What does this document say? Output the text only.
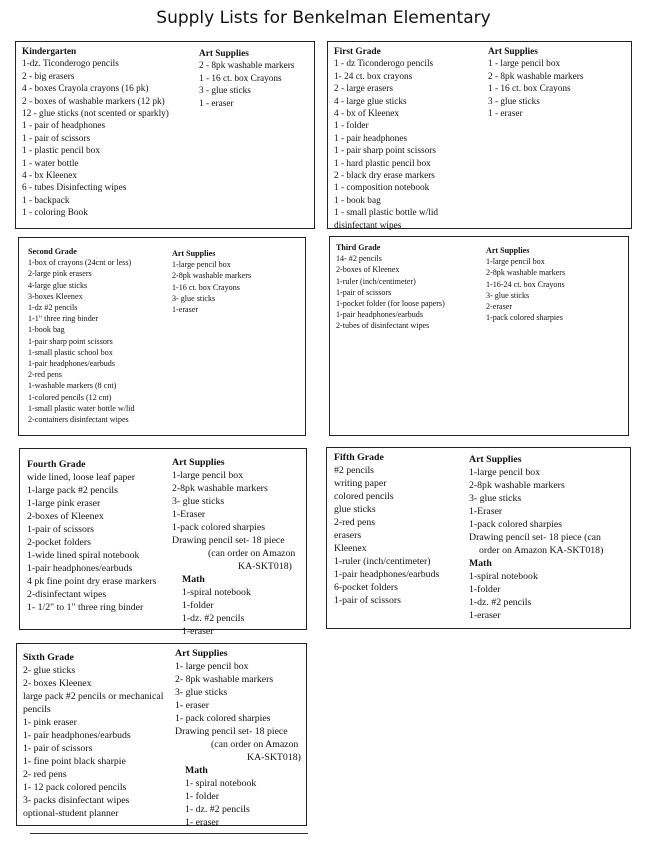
Supply Lists for Benkelman Elementary

Kindergarten

1-dz. Ticonderogo pencils
2 - big erasers
4 - boxes Crayola crayons (16 pk)
2 - boxes of washable markers (12 pk)
12 - glue sticks (not scented or sparkly)
1 - pair of headphones
1 - pair of scissors
1 - plastic pencil box
1 - water bottle
4 - bx Kleenex
6 - tubes Disinfecting wipes
1 - backpack
1 - coloring Book

Art Supplies

2 - 8pk washable markers
1 - 16 ct. box Crayons
3 - glue sticks
1 - eraser

First Grade

1 - dz Ticonderogo pencils
1- 24 ct. box crayons
2 - large erasers
4 - large glue sticks
4 - bx of Kleenex
1 - folder
1 - pair headphones
1 - pair sharp point scissors
1 - hard plastic pencil box
2 - black dry erase markers
1 - composition notebook
1 - book bag
1 - small plastic bottle w/lid
disinfectant wipes

Art Supplies

1 - large pencil box
2 - 8pk washable markers
1 - 16 ct. box Crayons
3 - glue sticks
1 - eraser

Second Grade

1-box of crayons (24cnt or less)
2-large pink erasers
4-large glue sticks
3-boxes Kleenex
1-dz #2 pencils
1-1" three ring binder
1-book bag
1-pair sharp point scissors
1-small plastic school box
1-pair headphones/earbuds
2-red pens
1-washable markers (8 cnt)
1-colored pencils (12 cnt)
1-small plastic water bottle w/lid
2-containers disinfectant wipes

Art Supplies

1-large pencil box
2-8pk washable markers
1-16 ct. box Crayons
3- glue sticks
1-eraser

Third Grade

14- #2 pencils
2-boxes of Kleenex
1-ruler (inch/centimeter)
1-pair of scissors
1-pocket folder (for loose papers)
1-pair headphones/earbuds
2-tubes of disinfectant wipes

Art Supplies

1-large pencil box
2-8pk washable markers
1-16-24 ct. box Crayons
3- glue sticks
2-eraser
1-pack colored sharpies

Fourth Grade

wide lined, loose leaf paper
1-large pack #2 pencils
1-large pink eraser
2-boxes of Kleenex
1-pair of scissors
2-pocket folders
1-wide lined spiral notebook
1-pair headphones/earbuds
4 pk fine point dry erase markers
2-disinfectant wipes
1- 1/2" to 1" three ring binder

Art Supplies

1-large pencil box
2-8pk washable markers
3- glue sticks
1-Eraser
1-pack colored sharpies
Drawing pencil set- 18 piece
(can order on Amazon
KA-SKT018)
Math
1-spiral notebook
1-folder
1-dz. #2 pencils
1-eraser

Fifth Grade

#2 pencils
writing paper
colored pencils
glue sticks
2-red pens
erasers
Kleenex
1-ruler (inch/centimeter)
1-pair headphones/earbuds
6-pocket folders
1-pair of scissors

Art Supplies

1-large pencil box
2-8pk washable markers
3- glue sticks
1-Eraser
1-pack colored sharpies
Drawing pencil set- 18 piece (can
order on Amazon KA-SKT018)
Math
1-spiral notebook
1-folder
1-dz. #2 pencils
1-eraser

Sixth Grade

2- glue sticks
2- boxes Kleenex
large pack #2 pencils or mechanical
pencils
1- pink eraser
1- pair headphones/earbuds
1- pair of scissors
1- fine point black sharpie
2- red pens
1- 12 pack colored pencils
3- packs disinfectant wipes
optional-student planner

Art Supplies

1- large pencil box
2- 8pk washable markers
3- glue sticks
1- eraser
1- pack colored sharpies
Drawing pencil set- 18 piece
(can order on Amazon
KA-SKT018)
Math
1- spiral notebook
1- folder
1- dz. #2 pencils
1- eraser
